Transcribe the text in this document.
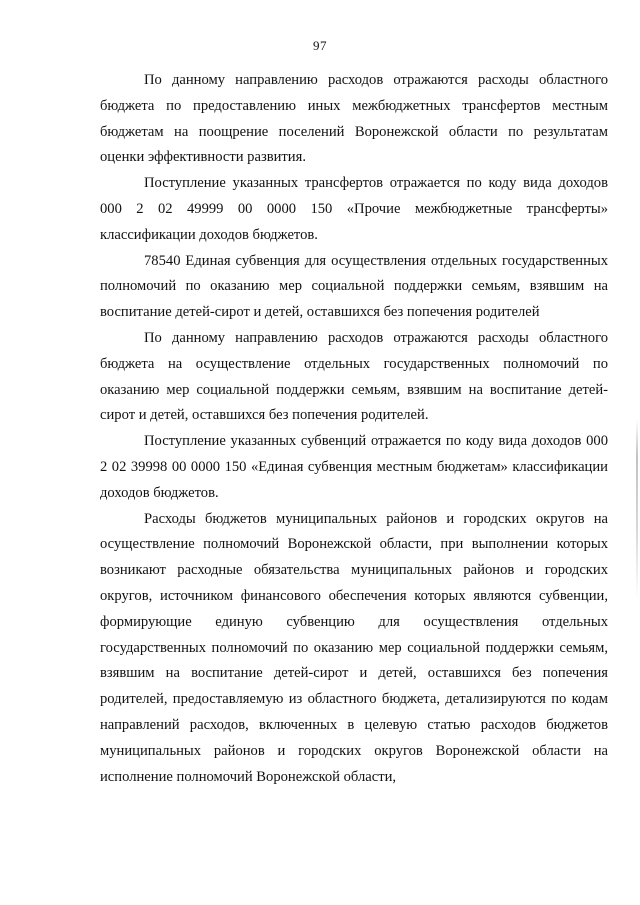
97

По данному направлению расходов отражаются расходы областного бюджета по предоставлению иных межбюджетных трансфертов местным бюджетам на поощрение поселений Воронежской области по результатам оценки эффективности развития.

Поступление указанных трансфертов отражается по коду вида доходов 000 2 02 49999 00 0000 150 «Прочие межбюджетные трансферты» классификации доходов бюджетов.

78540 Единая субвенция для осуществления отдельных государственных полномочий по оказанию мер социальной поддержки семьям, взявшим на воспитание детей-сирот и детей, оставшихся без попечения родителей

По данному направлению расходов отражаются расходы областного бюджета на осуществление отдельных государственных полномочий по оказанию мер социальной поддержки семьям, взявшим на воспитание детей-сирот и детей, оставшихся без попечения родителей.

Поступление указанных субвенций отражается по коду вида доходов 000 2 02 39998 00 0000 150 «Единая субвенция местным бюджетам» классификации доходов бюджетов.

Расходы бюджетов муниципальных районов и городских округов на осуществление полномочий Воронежской области, при выполнении которых возникают расходные обязательства муниципальных районов и городских округов, источником финансового обеспечения которых являются субвенции, формирующие единую субвенцию для осуществления отдельных государственных полномочий по оказанию мер социальной поддержки семьям, взявшим на воспитание детей-сирот и детей, оставшихся без попечения родителей, предоставляемую из областного бюджета, детализируются по кодам направлений расходов, включенных в целевую статью расходов бюджетов муниципальных районов и городских округов Воронежской области на исполнение полномочий Воронежской области,
